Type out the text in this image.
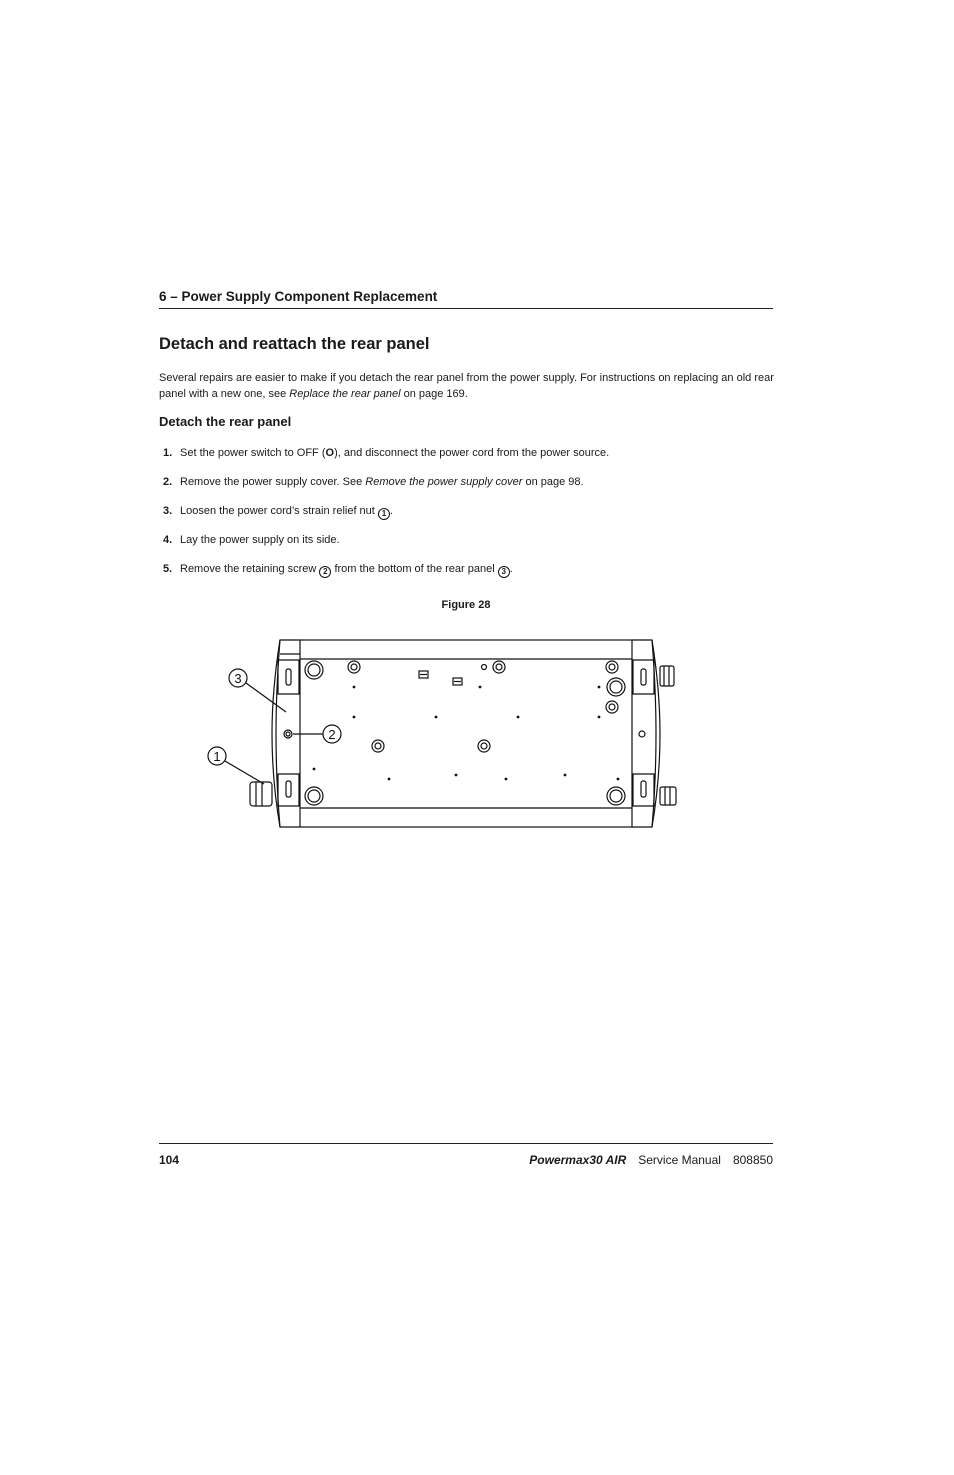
6 – Power Supply Component Replacement
Detach and reattach the rear panel
Several repairs are easier to make if you detach the rear panel from the power supply. For instructions on replacing an old rear panel with a new one, see Replace the rear panel on page 169.
Detach the rear panel
1. Set the power switch to OFF (O), and disconnect the power cord from the power source.
2. Remove the power supply cover. See Remove the power supply cover on page 98.
3. Loosen the power cord’s strain relief nut 1 .
4. Lay the power supply on its side.
5. Remove the retaining screw 2 from the bottom of the rear panel 3 .
Figure 28
3
2
1
104	Powermax30 AIR Service Manual 808850
